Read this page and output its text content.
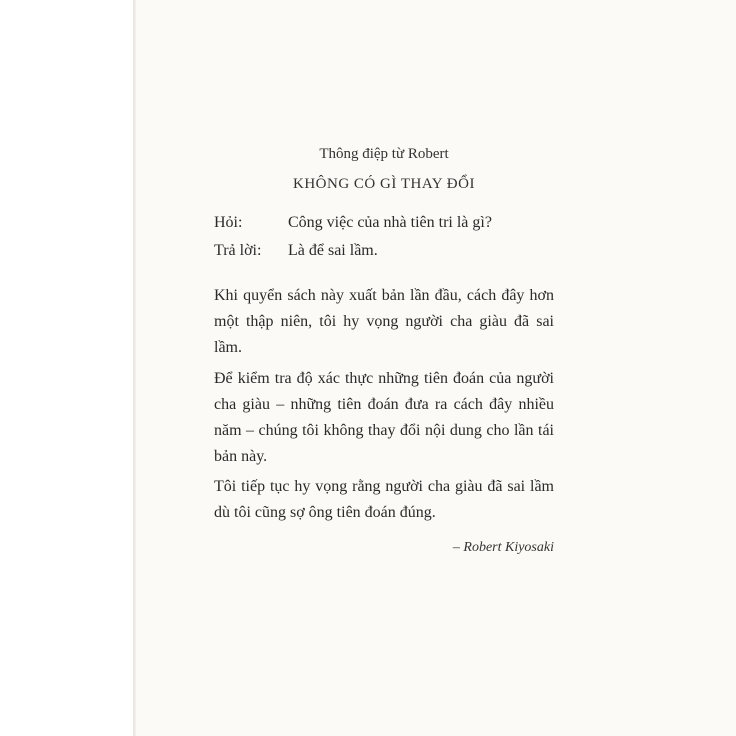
Thông điệp từ Robert
KHÔNG CÓ GÌ THAY ĐỔI
Hỏi:	Công việc của nhà tiên tri là gì?
Trả lời: Là để sai lầm.
Khi quyển sách này xuất bản lần đầu, cách đây hơn một thập niên, tôi hy vọng người cha giàu đã sai lầm.
Để kiểm tra độ xác thực những tiên đoán của người cha giàu – những tiên đoán đưa ra cách đây nhiều năm – chúng tôi không thay đổi nội dung cho lần tái bản này.
Tôi tiếp tục hy vọng rằng người cha giàu đã sai lầm dù tôi cũng sợ ông tiên đoán đúng.
– Robert Kiyosaki
